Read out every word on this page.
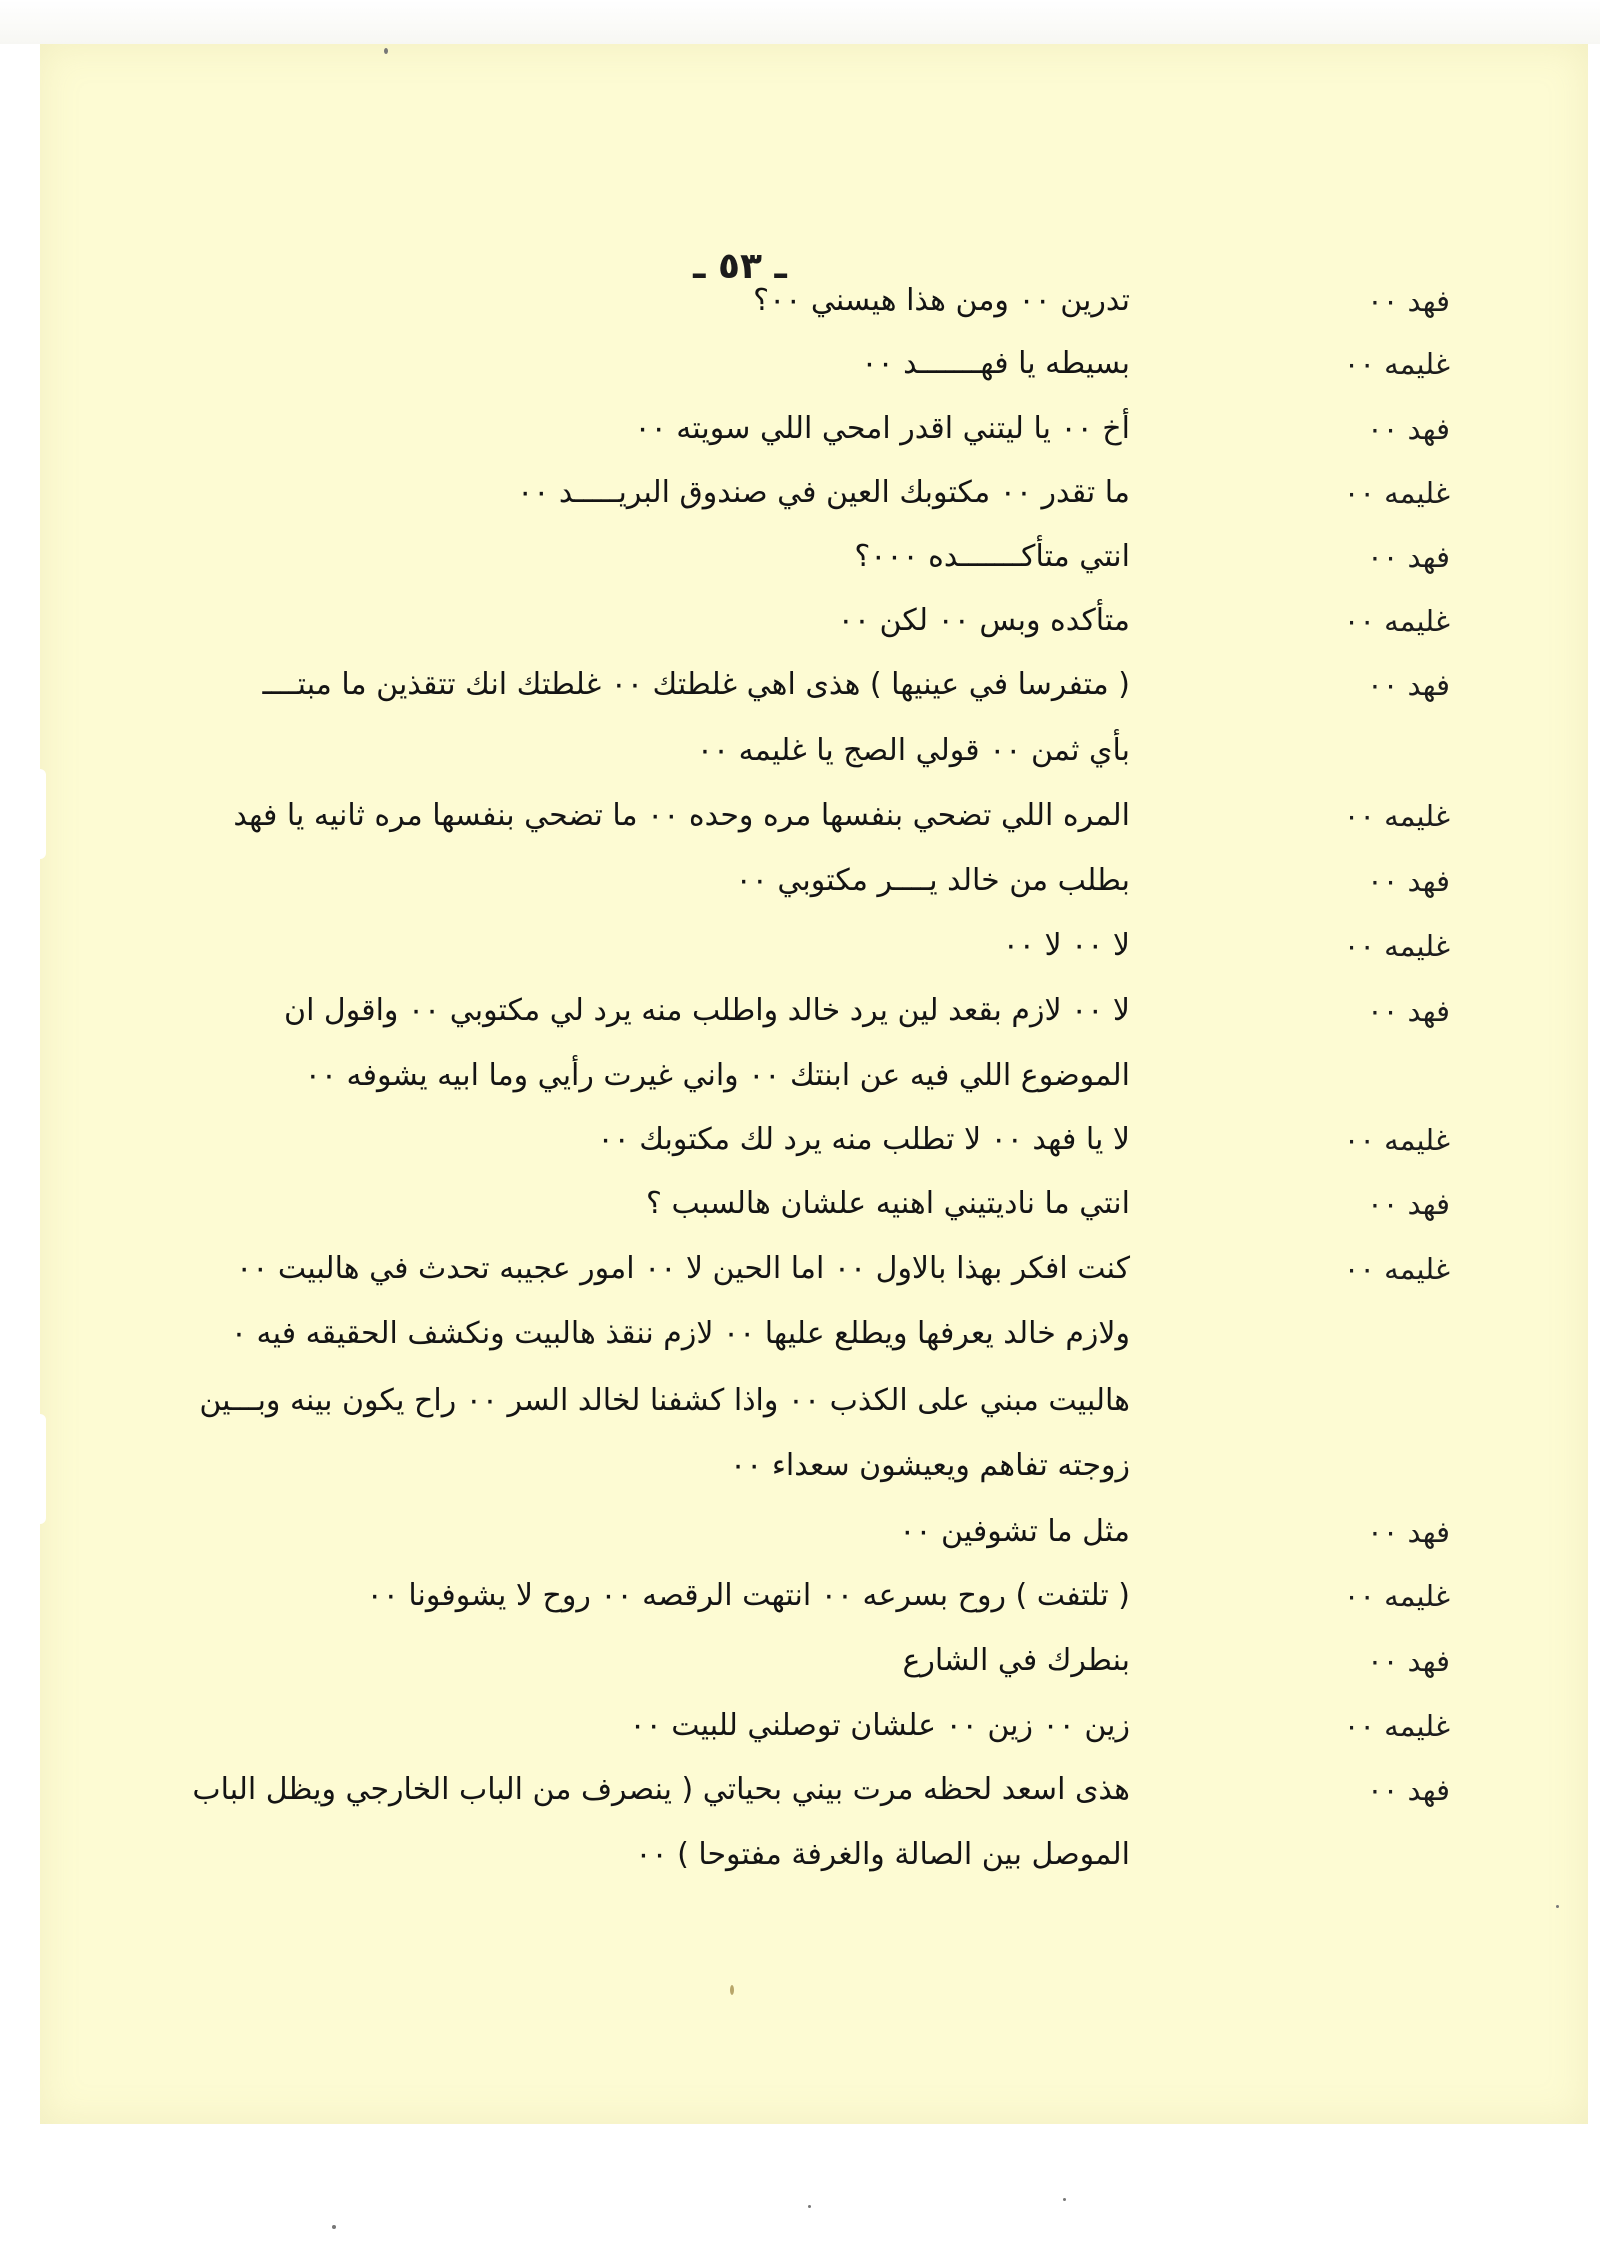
ـ ٥٣ ـ
فهد ٠٠
تدرين ٠٠ ومن هذا هيسني ٠٠؟
غليمه ٠٠
بسيطه يا فهـــــــد ٠٠
فهد ٠٠
أخ ٠٠ يا ليتني اقدر امحي اللي سويته ٠٠
غليمه ٠٠
ما تقدر ٠٠ مكتوبك العين في صندوق البريـــــد ٠٠
فهد ٠٠
انتي متأكـــــــده ٠٠٠؟
غليمه ٠٠
متأكده وبس ٠٠ لكن ٠٠
فهد ٠٠
( متفرسا في عينيها ) هذى اهي غلطتك ٠٠ غلطتك انك تتقذين ما مبتــــ
بأي ثمن ٠٠ قولي الصج يا غليمه ٠٠
غليمه ٠٠
المره اللي تضحي بنفسها مره وحده ٠٠ ما تضحي بنفسها مره ثانيه يا فهد
فهد ٠٠
بطلب من خالد يــــر مكتوبي ٠٠
غليمه ٠٠
لا ٠٠ لا ٠٠
فهد ٠٠
لا ٠٠ لازم بقعد لين يرد خالد واطلب منه يرد لي مكتوبي ٠٠ واقول ان
الموضوع اللي فيه عن ابنتك ٠٠ واني غيرت رأيي وما ابيه يشوفه ٠٠
غليمه ٠٠
لا يا فهد ٠٠ لا تطلب منه يرد لك مكتوبك ٠٠
فهد ٠٠
انتي ما ناديتيني اهنيه علشان هالسبب ؟
غليمه ٠٠
كنت افكر بهذا بالاول ٠٠ اما الحين لا ٠٠ امور عجيبه تحدث في هالبيت ٠٠
ولازم خالد يعرفها ويطلع عليها ٠٠ لازم ننقذ هالبيت ونكشف الحقيقه فيه ٠
هالبيت مبني على الكذب ٠٠ واذا كشفنا لخالد السر ٠٠ راح يكون بينه وبـــين
زوجته تفاهم ويعيشون سعداء ٠٠
فهد ٠٠
مثل ما تشوفين ٠٠
غليمه ٠٠
( تلتفت ) روح بسرعه ٠٠ انتهت الرقصه ٠٠ روح لا يشوفونا ٠٠
فهد ٠٠
بنطرك في الشارع
غليمه ٠٠
زين ٠٠ زين ٠٠ علشان توصلني للبيت ٠٠
فهد ٠٠
هذى اسعد لحظه مرت بيني بحياتي ( ينصرف من الباب الخارجي ويظل الباب
الموصل بين الصالة والغرفة مفتوحا ) ٠٠
